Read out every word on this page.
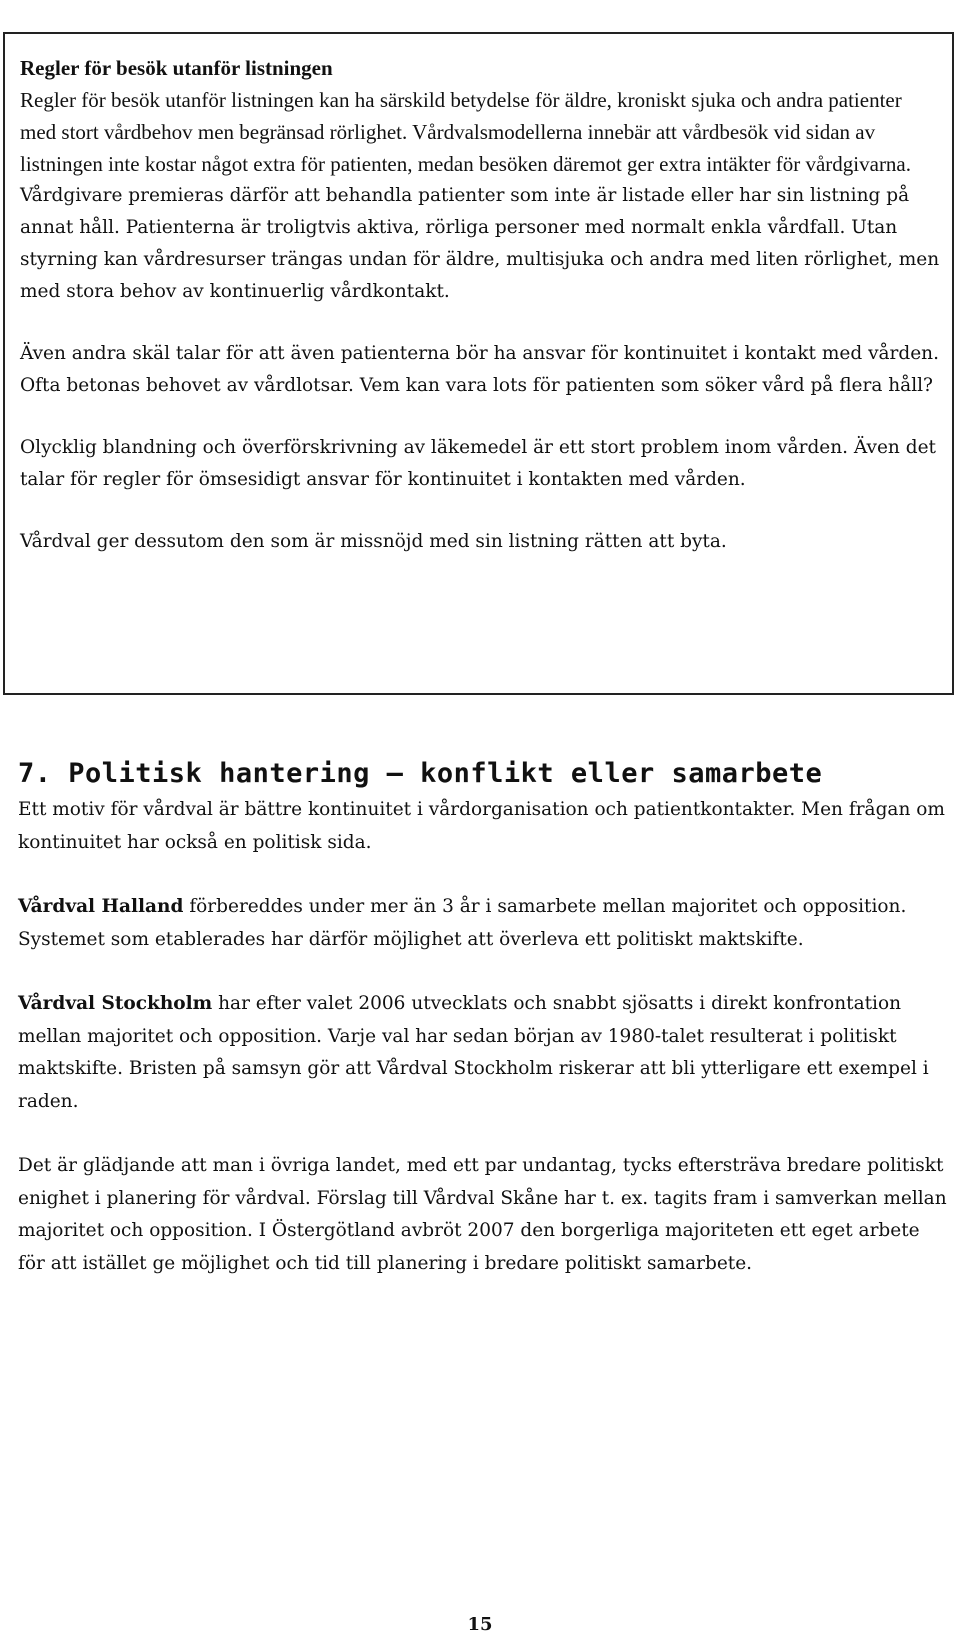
Regler för besök utanför listningen

Regler för besök utanför listningen kan ha särskild betydelse för äldre, kroniskt sjuka och andra patienter med stort vårdbehov men begränsad rörlighet. Vårdvalsmodellerna innebär att vårdbesök vid sidan av listningen inte kostar något extra för patienten, medan besöken däremot ger extra intäkter för vårdgivarna.

Vårdgivare premieras därför att behandla patienter som inte är listade eller har sin listning på annat håll. Patienterna är troligtvis aktiva, rörliga personer med normalt enkla vårdfall. Utan styrning kan vårdresurser trängas undan för äldre, multisjuka och andra med liten rörlighet, men med stora behov av kontinuerlig vårdkontakt.

Även andra skäl talar för att även patienterna bör ha ansvar för kontinuitet i kontakt med vården. Ofta betonas behovet av vårdlotsar. Vem kan vara lots för patienten som söker vård på flera håll?

Olycklig blandning och överförskrivning av läkemedel är ett stort problem inom vården. Även det talar för regler för ömsesidigt ansvar för kontinuitet i kontakten med vården.

Vårdval ger dessutom den som är missnöjd med sin listning rätten att byta.

7. Politisk hantering — konflikt eller samarbete

Ett motiv för vårdval är bättre kontinuitet i vårdorganisation och patientkontakter. Men frågan om kontinuitet har också en politisk sida.

Vårdval Halland förbereddes under mer än 3 år i samarbete mellan majoritet och opposition. Systemet som etablerades har därför möjlighet att överleva ett politiskt maktskifte.

Vårdval Stockholm har efter valet 2006 utvecklats och snabbt sjösatts i direkt konfrontation mellan majoritet och opposition. Varje val har sedan början av 1980-talet resulterat i politiskt maktskifte. Bristen på samsyn gör att Vårdval Stockholm riskerar att bli ytterligare ett exempel i raden.

Det är glädjande att man i övriga landet, med ett par undantag, tycks eftersträva bredare politiskt enighet i planering för vårdval. Förslag till Vårdval Skåne har t. ex. tagits fram i samverkan mellan majoritet och opposition. I Östergötland avbröt 2007 den borgerliga majoriteten ett eget arbete för att istället ge möjlighet och tid till planering i bredare politiskt samarbete.

15
